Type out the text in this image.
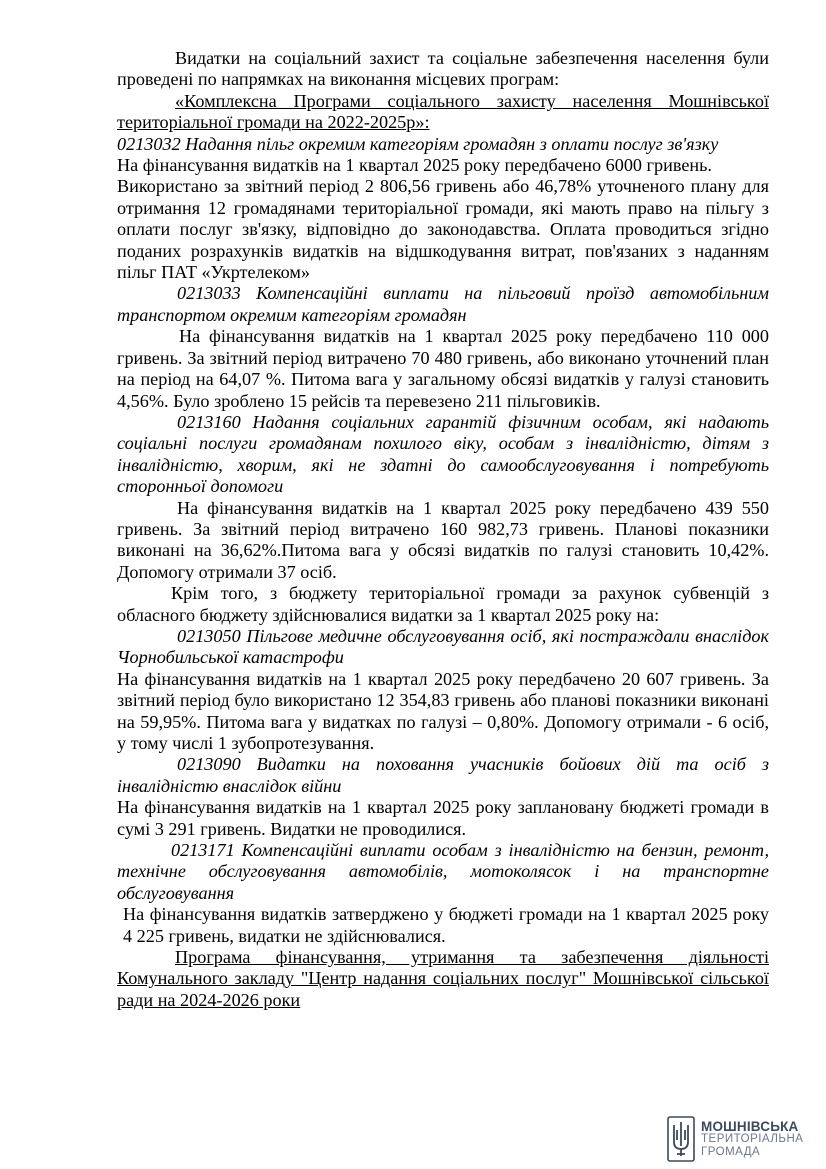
Видатки на соціальний захист та соціальне забезпечення населення були проведені по напрямках на виконання місцевих програм:

«Комплексна Програми соціального захисту населення Мошнівської територіальної громади на 2022-2025р»:

0213032 Надання пільг окремим категоріям громадян з оплати послуг зв'язку

На фінансування видатків на 1 квартал 2025 року передбачено 6000 гривень.

Використано за звітний період 2 806,56 гривень або 46,78% уточненого плану для отримання 12 громадянами територіальної громади, які мають право на пільгу з оплати послуг зв'язку, відповідно до законодавства. Оплата проводиться згідно поданих розрахунків видатків на відшкодування витрат, пов'язаних з наданням пільг ПАТ «Укртелеком»

0213033 Компенсаційні виплати на пільговий проїзд автомобільним транспортом окремим категоріям громадян

На фінансування видатків на 1 квартал 2025 року передбачено 110 000 гривень. За звітний період витрачено 70 480 гривень, або виконано уточнений план на період на 64,07 %. Питома вага у загальному обсязі видатків у галузі становить 4,56%. Було зроблено 15 рейсів та перевезено 211 пільговиків.

0213160 Надання соціальних гарантій фізичним особам, які надають соціальні послуги громадянам похилого віку, особам з інвалідністю, дітям з інвалідністю, хворим, які не здатні до самообслуговування і потребують сторонньої допомоги

На фінансування видатків на 1 квартал 2025 року передбачено 439 550 гривень. За звітний період витрачено 160 982,73 гривень. Планові показники виконані на 36,62%.Питома вага у обсязі видатків по галузі становить 10,42%. Допомогу отримали 37 осіб.

Крім того, з бюджету територіальної громади за рахунок субвенцій з обласного бюджету здійснювалися видатки за 1 квартал 2025 року на:

0213050 Пільгове медичне обслуговування осіб, які постраждали внаслідок Чорнобильської катастрофи

На фінансування видатків на 1 квартал 2025 року передбачено 20 607 гривень. За звітний період було використано 12 354,83 гривень або планові показники виконані на 59,95%. Питома вага у видатках по галузі – 0,80%. Допомогу отримали - 6 осіб, у тому числі 1 зубопротезування.

0213090 Видатки на поховання учасників бойових дій та осіб з інвалідністю внаслідок війни

На фінансування видатків на 1 квартал 2025 року заплановану бюджеті громади в сумі 3 291 гривень. Видатки не проводилися.

0213171 Компенсаційні виплати особам з інвалідністю на бензин, ремонт, технічне обслуговування автомобілів, мотоколясок і на транспортне обслуговування

На фінансування видатків затверджено у бюджеті громади на 1 квартал 2025 року 4 225 гривень, видатки не здійснювалися.

Програма фінансування, утримання та забезпечення діяльності Комунального закладу "Центр надання соціальних послуг" Мошнівської сільської ради на 2024-2026 роки

МОШНІВСЬКА
ТЕРИТОРІАЛЬНА
ГРОМАДА
